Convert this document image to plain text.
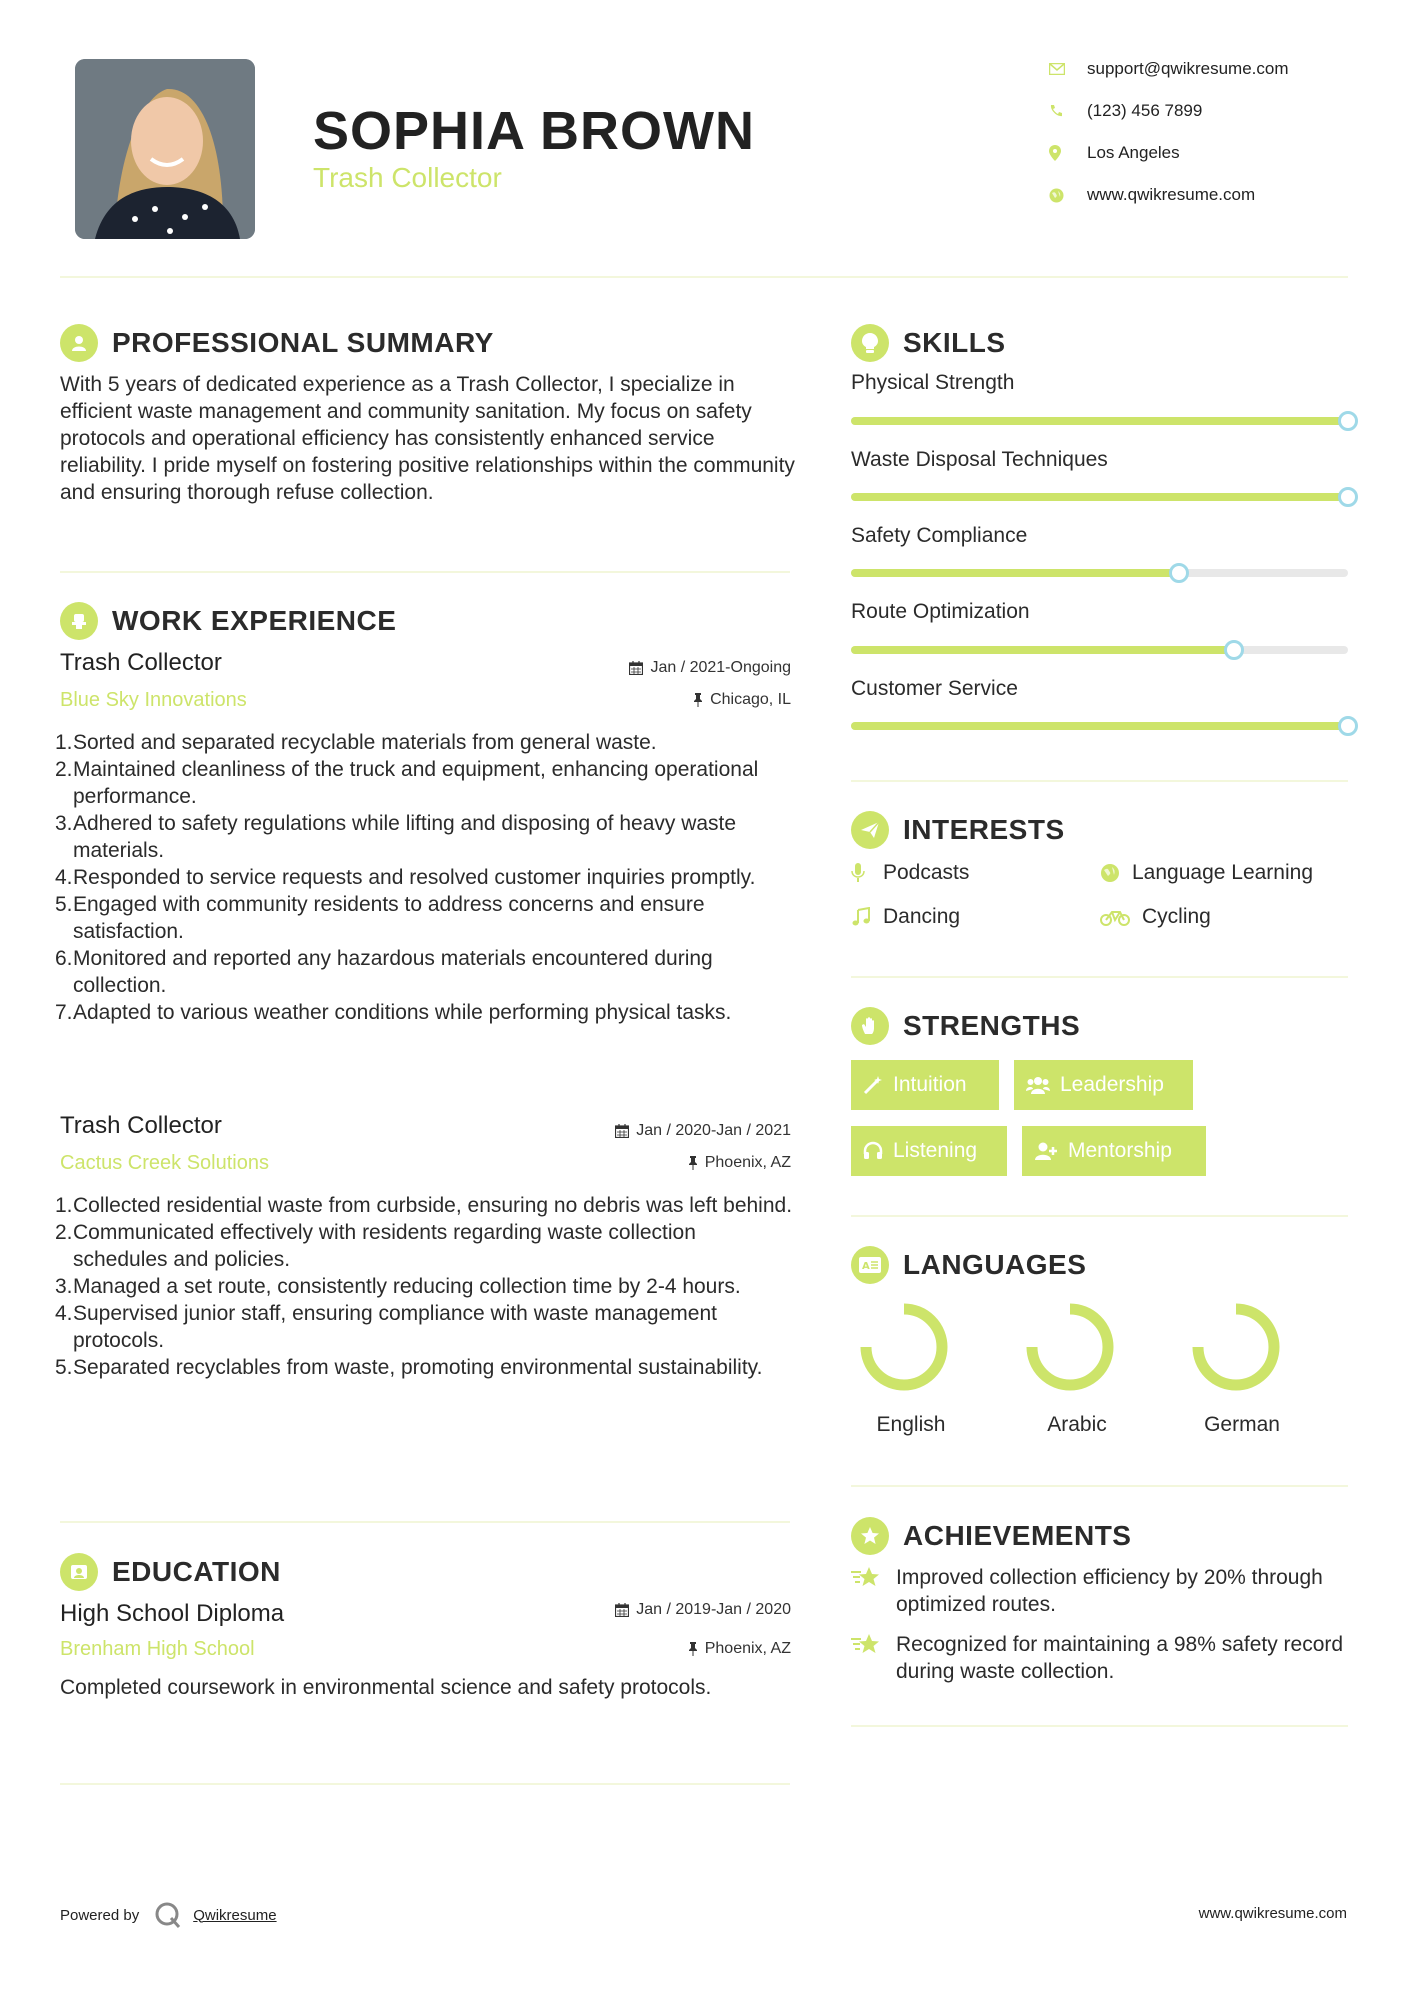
SOPHIA BROWN
Trash Collector
support@qwikresume.com
(123) 456 7899
Los Angeles
www.qwikresume.com
PROFESSIONAL SUMMARY
With 5 years of dedicated experience as a Trash Collector, I specialize in efficient waste management and community sanitation. My focus on safety protocols and operational efficiency has consistently enhanced service reliability. I pride myself on fostering positive relationships within the community and ensuring thorough refuse collection.
WORK EXPERIENCE
Trash Collector	Jan / 2021-Ongoing
Blue Sky Innovations	Chicago, IL
1. Sorted and separated recyclable materials from general waste.
2. Maintained cleanliness of the truck and equipment, enhancing operational performance.
3. Adhered to safety regulations while lifting and disposing of heavy waste materials.
4. Responded to service requests and resolved customer inquiries promptly.
5. Engaged with community residents to address concerns and ensure satisfaction.
6. Monitored and reported any hazardous materials encountered during collection.
7. Adapted to various weather conditions while performing physical tasks.
Trash Collector	Jan / 2020-Jan / 2021
Cactus Creek Solutions	Phoenix, AZ
1. Collected residential waste from curbside, ensuring no debris was left behind.
2. Communicated effectively with residents regarding waste collection schedules and policies.
3. Managed a set route, consistently reducing collection time by 2-4 hours.
4. Supervised junior staff, ensuring compliance with waste management protocols.
5. Separated recyclables from waste, promoting environmental sustainability.
EDUCATION
High School Diploma	Jan / 2019-Jan / 2020
Brenham High School	Phoenix, AZ
Completed coursework in environmental science and safety protocols.
SKILLS
Physical Strength
Waste Disposal Techniques
Safety Compliance
Route Optimization
Customer Service
INTERESTS
Podcasts	Language Learning
Dancing	Cycling
STRENGTHS
Intuition	Leadership
Listening	Mentorship
A LANGUAGES
English	Arabic	German
ACHIEVEMENTS
Improved collection efficiency by 20% through optimized routes.
Recognized for maintaining a 98% safety record during waste collection.
Powered by	Qwikresume	www.qwikresume.com
